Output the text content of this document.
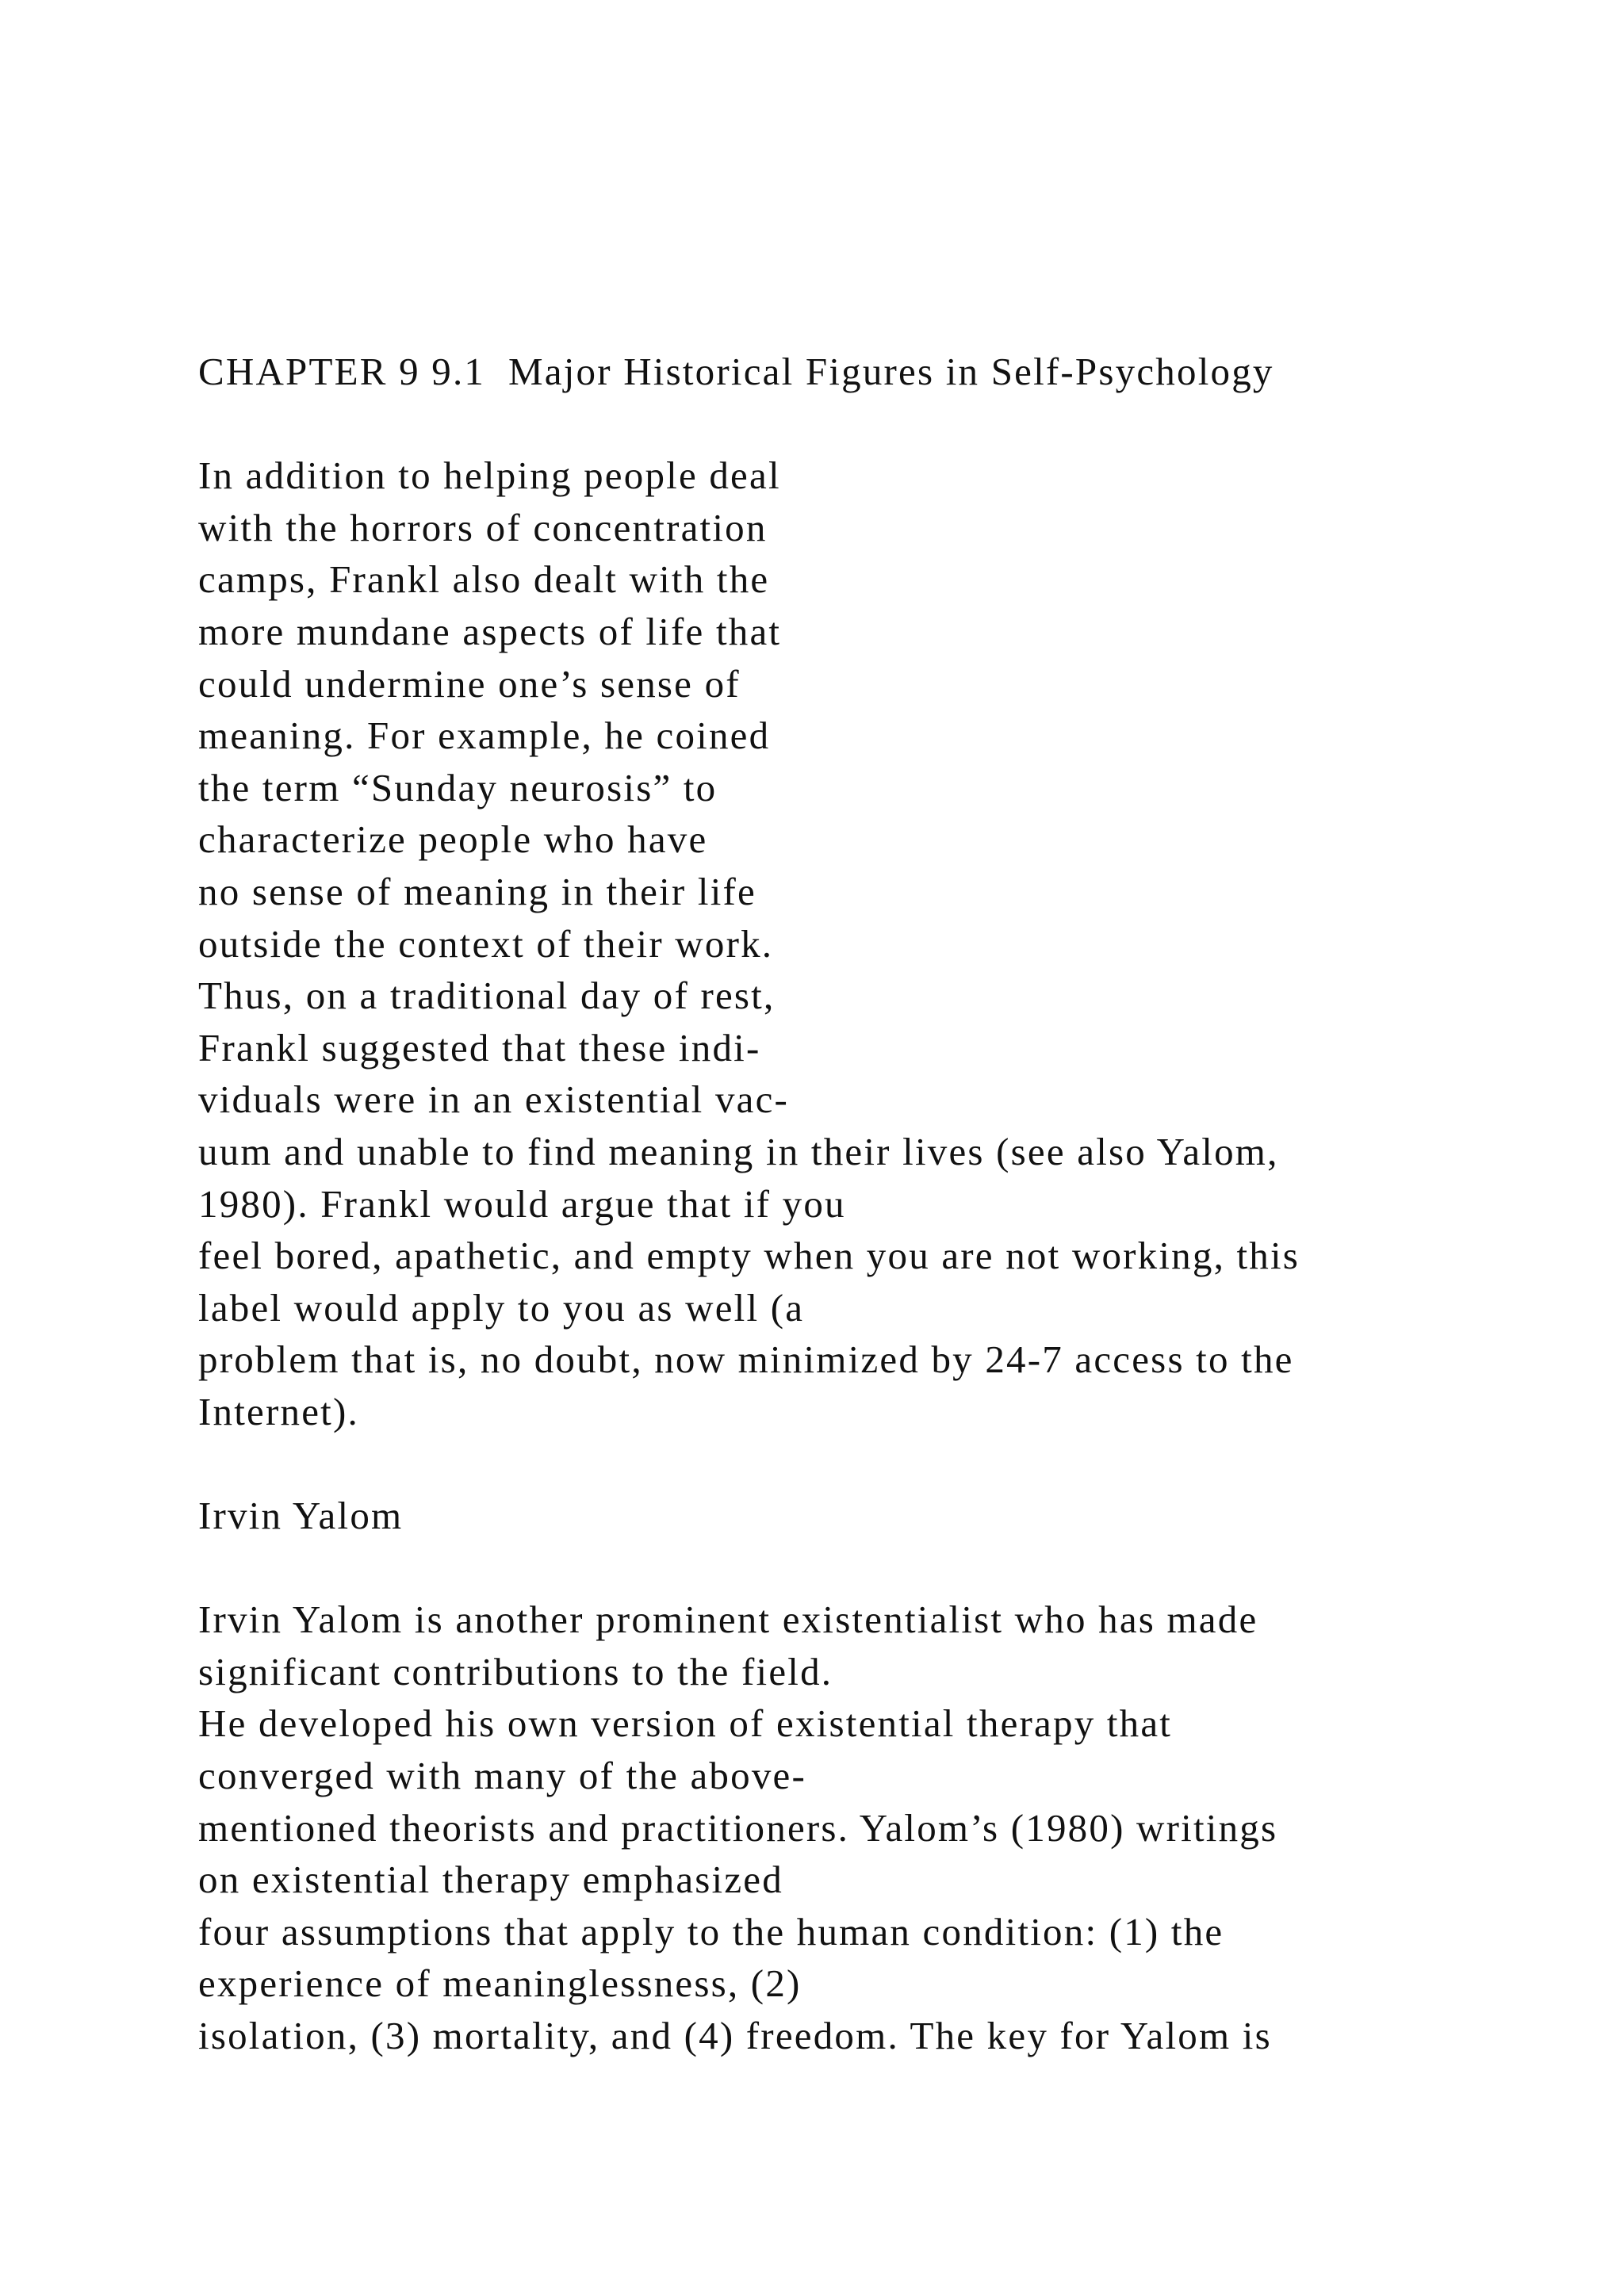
CHAPTER 9 9.1  Major Historical Figures in Self-Psychology
In addition to helping people deal
with the horrors of concentration
camps, Frankl also dealt with the
more mundane aspects of life that
could undermine one’s sense of
meaning. For example, he coined
the term “Sunday neurosis” to
characterize people who have
no sense of meaning in their life
outside the context of their work.
Thus, on a traditional day of rest,
Frankl suggested that these indi-
viduals were in an existential vac-
uum and unable to find meaning in their lives (see also Yalom,
1980). Frankl would argue that if you
feel bored, apathetic, and empty when you are not working, this
label would apply to you as well (a
problem that is, no doubt, now minimized by 24-7 access to the
Internet).
Irvin Yalom
Irvin Yalom is another prominent existentialist who has made
significant contributions to the field.
He developed his own version of existential therapy that
converged with many of the above-
mentioned theorists and practitioners. Yalom’s (1980) writings
on existential therapy emphasized
four assumptions that apply to the human condition: (1) the
experience of meaninglessness, (2)
isolation, (3) mortality, and (4) freedom. The key for Yalom is
